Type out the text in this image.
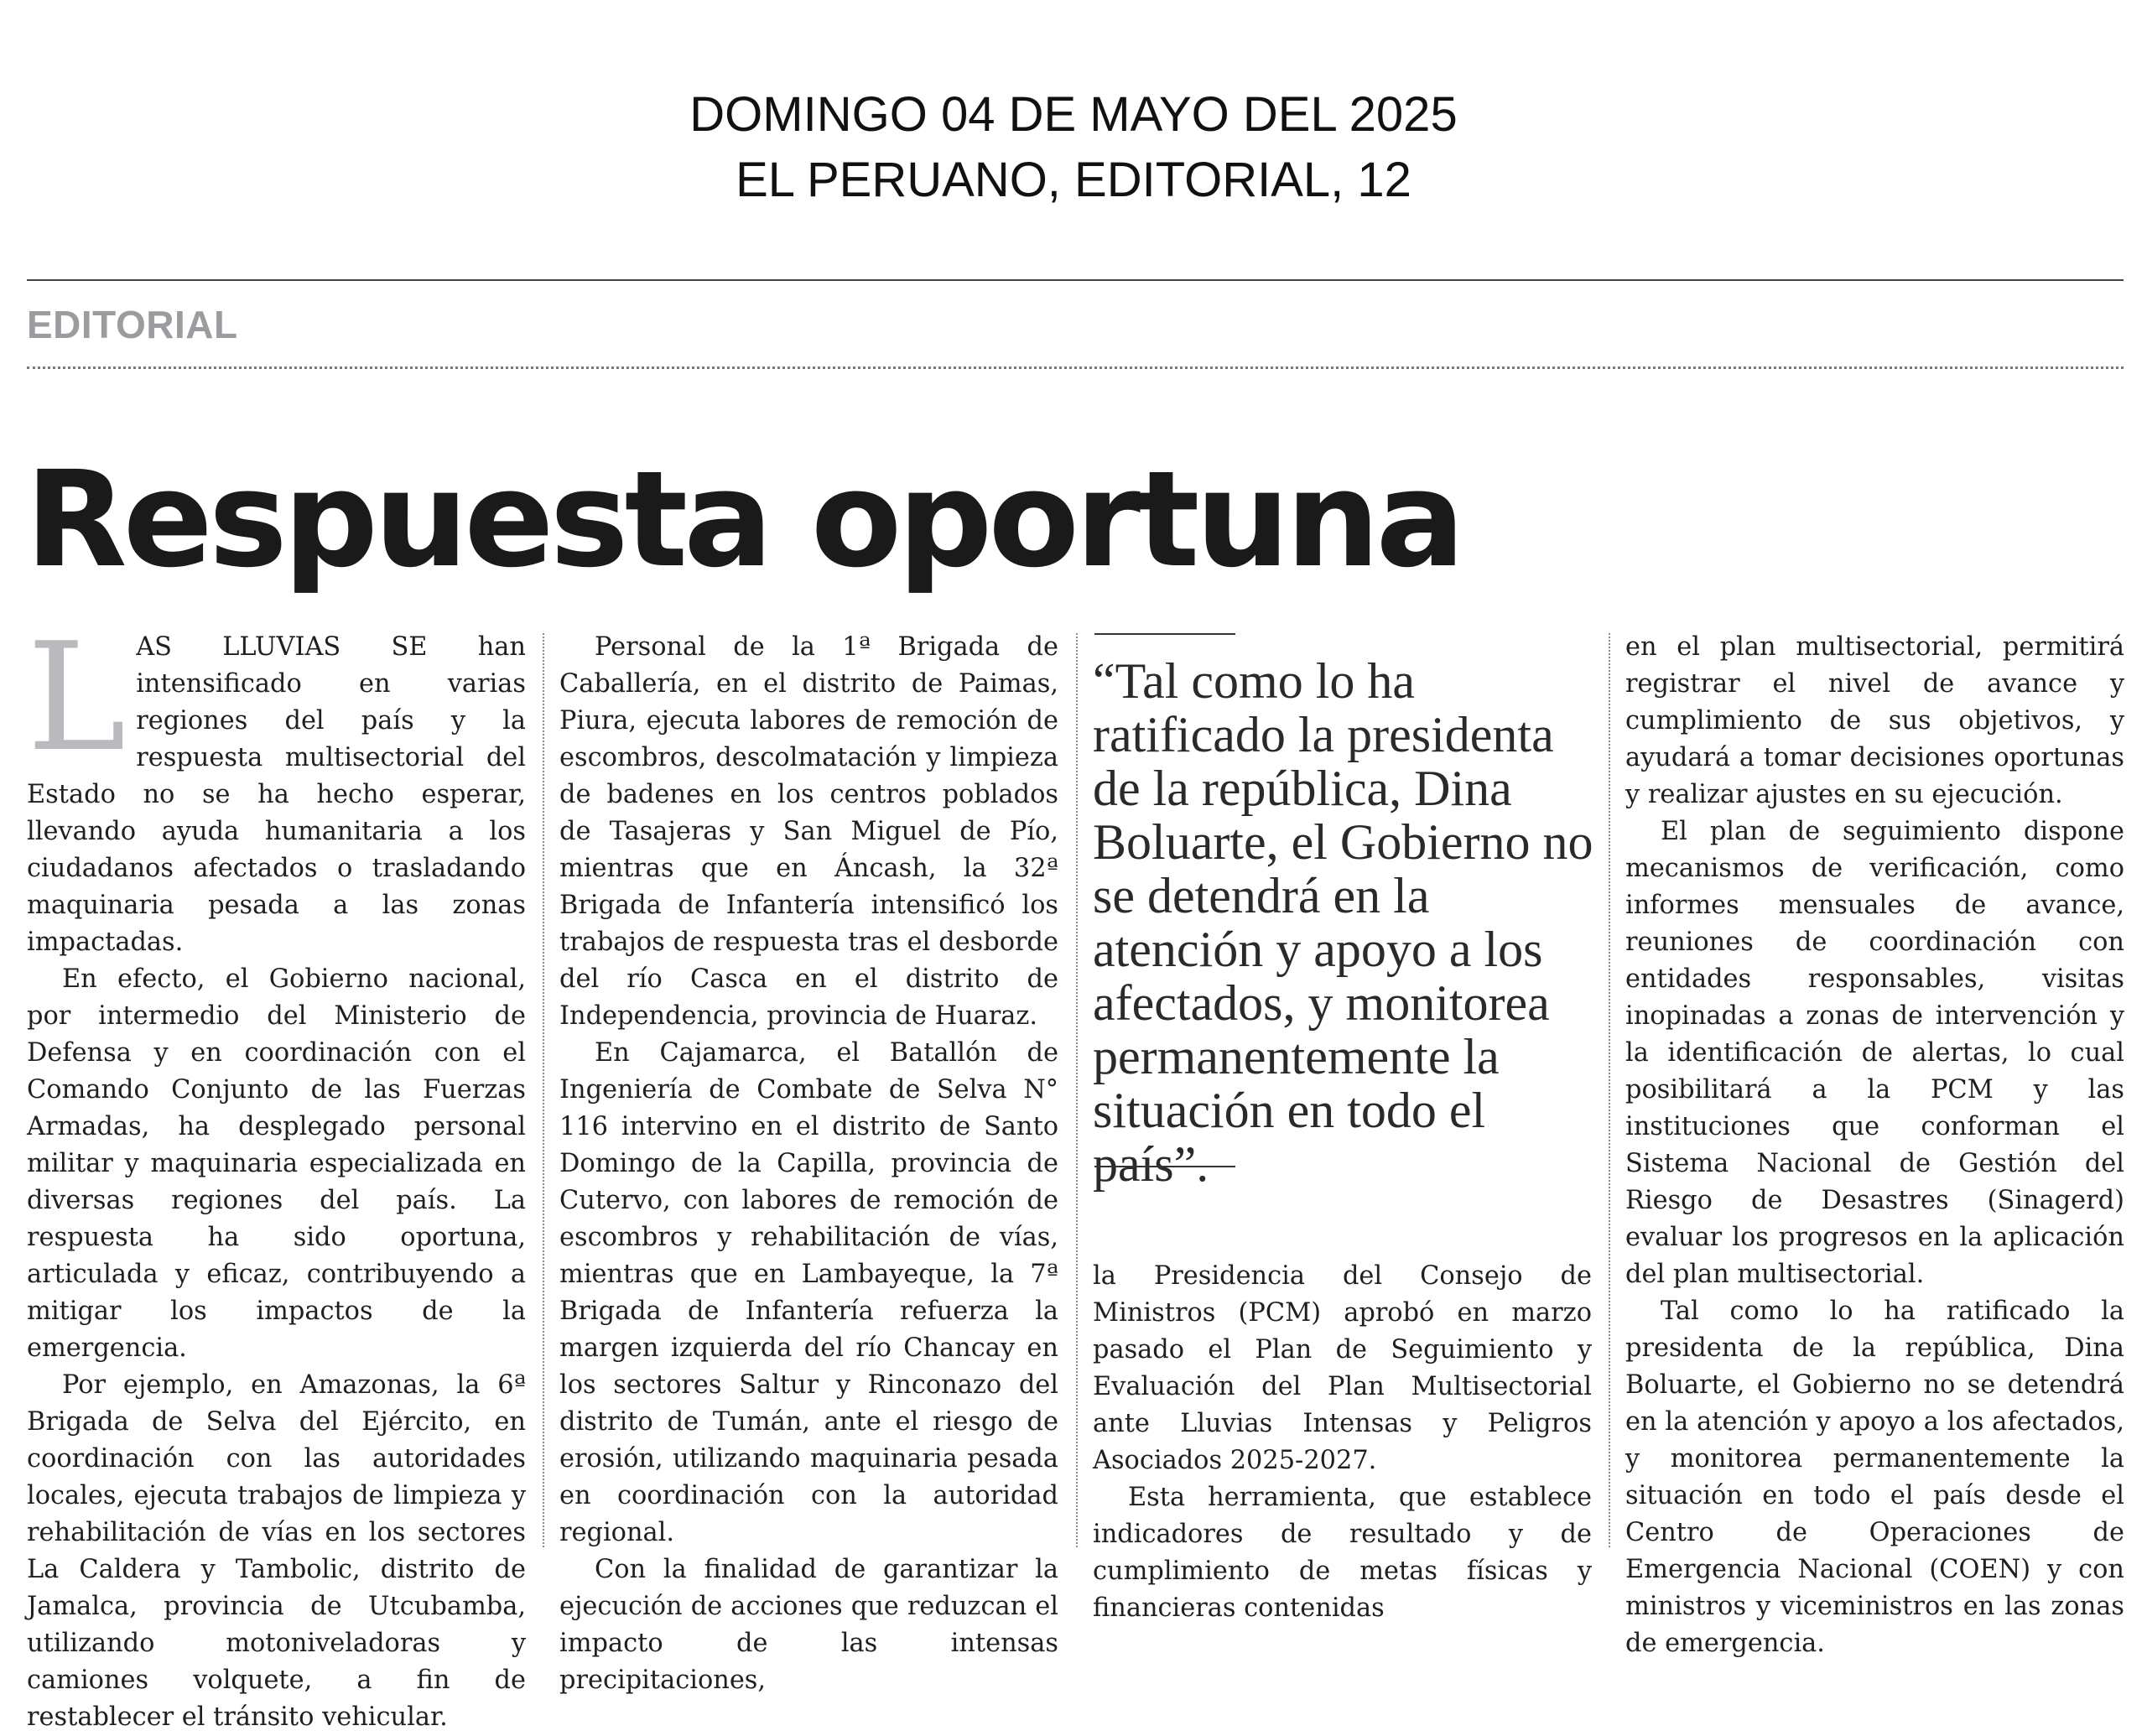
DOMINGO 04 DE MAYO DEL 2025
EL PERUANO, EDITORIAL, 12
EDITORIAL
Respuesta oportuna

LAS LLUVIAS SE han intensificado en varias regiones del país y la respuesta multisectorial del Estado no se ha hecho esperar, llevando ayuda humanitaria a los ciudadanos afectados o trasladando maquinaria pesada a las zonas impactadas.

En efecto, el Gobierno nacional, por intermedio del Ministerio de Defensa y en coordinación con el Comando Conjunto de las Fuerzas Armadas, ha desplegado personal militar y maquinaria especializada en diversas regiones del país. La respuesta ha sido oportuna, articulada y eficaz, contribuyendo a mitigar los impactos de la emergencia.

Por ejemplo, en Amazonas, la 6ª Brigada de Selva del Ejército, en coordinación con las autoridades locales, ejecuta trabajos de limpieza y rehabilitación de vías en los sectores La Caldera y Tambolic, distrito de Jamalca, provincia de Utcubamba, utilizando motoniveladoras y camiones volquete, a fin de restablecer el tránsito vehicular.

Personal de la 1ª Brigada de Caballería, en el distrito de Paimas, Piura, ejecuta labores de remoción de escombros, descolmatación y limpieza de badenes en los centros poblados de Tasajeras y San Miguel de Pío, mientras que en Áncash, la 32ª Brigada de Infantería intensificó los trabajos de respuesta tras el desborde del río Casca en el distrito de Independencia, provincia de Huaraz.

En Cajamarca, el Batallón de Ingeniería de Combate de Selva N° 116 intervino en el distrito de Santo Domingo de la Capilla, provincia de Cutervo, con labores de remoción de escombros y rehabilitación de vías, mientras que en Lambayeque, la 7ª Brigada de Infantería refuerza la margen izquierda del río Chancay en los sectores Saltur y Rinconazo del distrito de Tumán, ante el riesgo de erosión, utilizando maquinaria pesada en coordinación con la autoridad regional.

Con la finalidad de garantizar la ejecución de acciones que reduzcan el impacto de las intensas precipitaciones,

“Tal como lo ha ratificado la presidenta de la república, Dina Boluarte, el Gobierno no se detendrá en la atención y apoyo a los afectados, y monitorea permanentemente la situación en todo el país”.

la Presidencia del Consejo de Ministros (PCM) aprobó en marzo pasado el Plan de Seguimiento y Evaluación del Plan Multisectorial ante Lluvias Intensas y Peligros Asociados 2025-2027.

Esta herramienta, que establece indicadores de resultado y de cumplimiento de metas físicas y financieras contenidas

en el plan multisectorial, permitirá registrar el nivel de avance y cumplimiento de sus objetivos, y ayudará a tomar decisiones oportunas y realizar ajustes en su ejecución.

El plan de seguimiento dispone mecanismos de verificación, como informes mensuales de avance, reuniones de coordinación con entidades responsables, visitas inopinadas a zonas de intervención y la identificación de alertas, lo cual posibilitará a la PCM y las instituciones que conforman el Sistema Nacional de Gestión del Riesgo de Desastres (Sinagerd) evaluar los progresos en la aplicación del plan multisectorial.

Tal como lo ha ratificado la presidenta de la república, Dina Boluarte, el Gobierno no se detendrá en la atención y apoyo a los afectados, y monitorea permanentemente la situación en todo el país desde el Centro de Operaciones de Emergencia Nacional (COEN) y con ministros y viceministros en las zonas de emergencia.
